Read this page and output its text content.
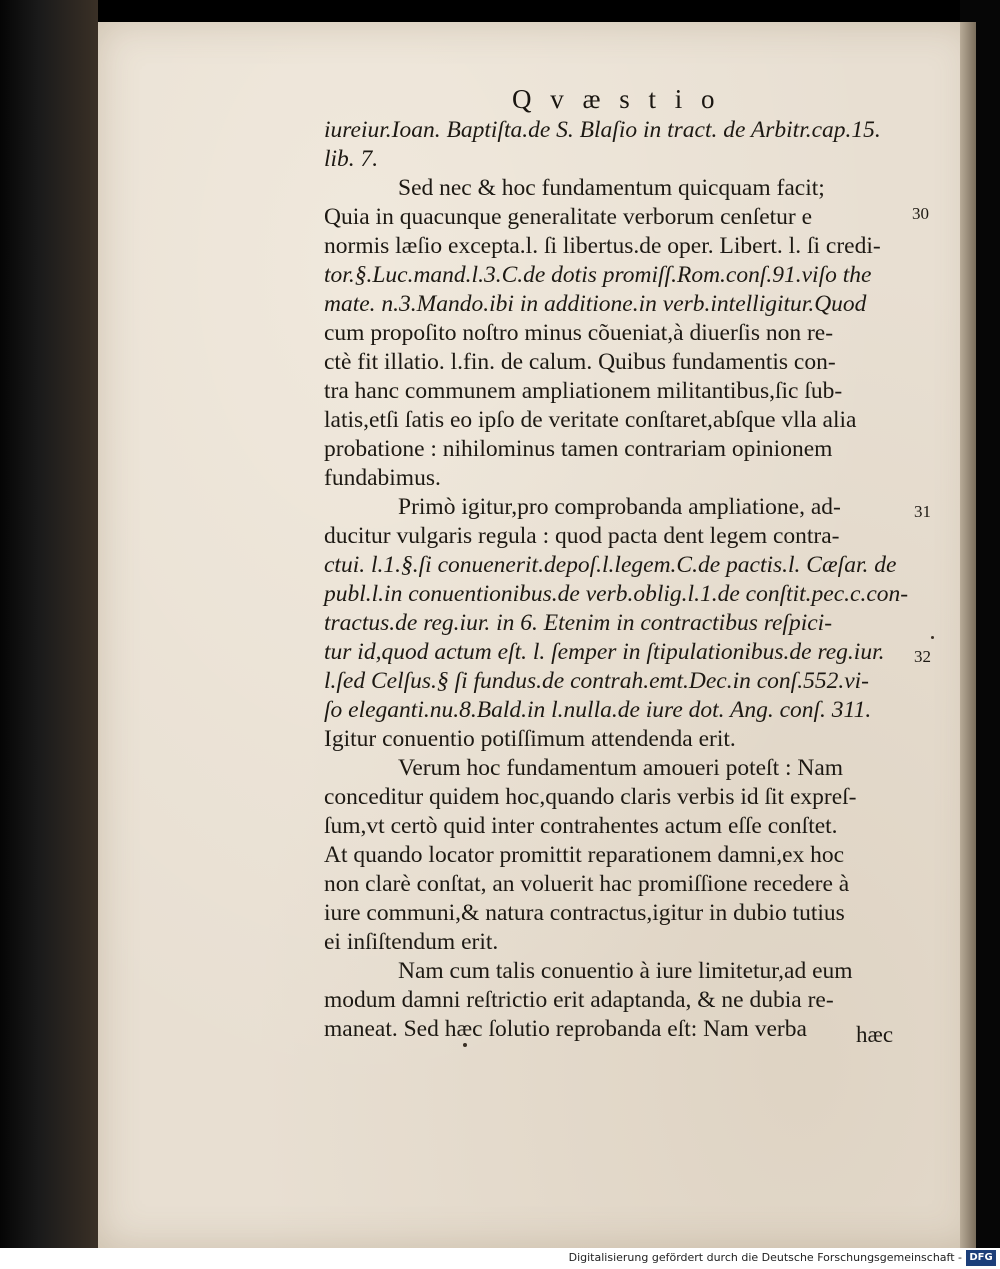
Q v æ s t i o
iureiur.Ioan. Baptiſta.de S. Blaſio in tract. de Arbitr.cap.15.
lib. 7.
Sed nec & hoc fundamentum quicquam facit;
Quia in quacunque generalitate verborum cenſetur e
normis læſio excepta.l. ſi libertus.de oper. Libert. l. ſi credi-
tor.§.Luc.mand.l.3.C.de dotis promiſſ.Rom.conſ.91.viſo the
mate. n.3.Mando.ibi in additione.in verb.intelligitur.Quod
cum propoſito noſtro minus cõueniat,à diuerſis non re-
ctè fit illatio. l.fin. de calum. Quibus fundamentis con-
tra hanc communem ampliationem militantibus,ſic ſub-
latis,etſi ſatis eo ipſo de veritate conſtaret,abſque vlla alia
probatione : nihilominus tamen contrariam opinionem
fundabimus.
Primò igitur,pro comprobanda ampliatione, ad-
ducitur vulgaris regula : quod pacta dent legem contra-
ctui. l.1.§.ſi conuenerit.depoſ.l.legem.C.de pactis.l. Cæſar. de
publ.l.in conuentionibus.de verb.oblig.l.1.de conſtit.pec.c.con-
tractus.de reg.iur. in 6. Etenim in contractibus reſpici-
tur id,quod actum eſt. l. ſemper in ſtipulationibus.de reg.iur.
l.ſed Celſus.§ ſi fundus.de contrah.emt.Dec.in conſ.552.vi-
ſo eleganti.nu.8.Bald.in l.nulla.de iure dot. Ang. conſ. 311.
Igitur conuentio potiſſimum attendenda erit.
Verum hoc fundamentum amoueri poteſt : Nam
conceditur quidem hoc,quando claris verbis id ſit expreſ-
ſum,vt certò quid inter contrahentes actum eſſe conſtet.
At quando locator promittit reparationem damni,ex hoc
non clarè conſtat, an voluerit hac promiſſione recedere à
iure communi,& natura contractus,igitur in dubio tutius
ei inſiſtendum erit.
Nam cum talis conuentio à iure limitetur,ad eum
modum damni reſtrictio erit adaptanda, & ne dubia re-
maneat. Sed hæc ſolutio reprobanda eſt: Nam verba
30
31
32
hæc
Digitalisierung gefördert durch die Deutsche Forschungsgemeinschaft - DFG
